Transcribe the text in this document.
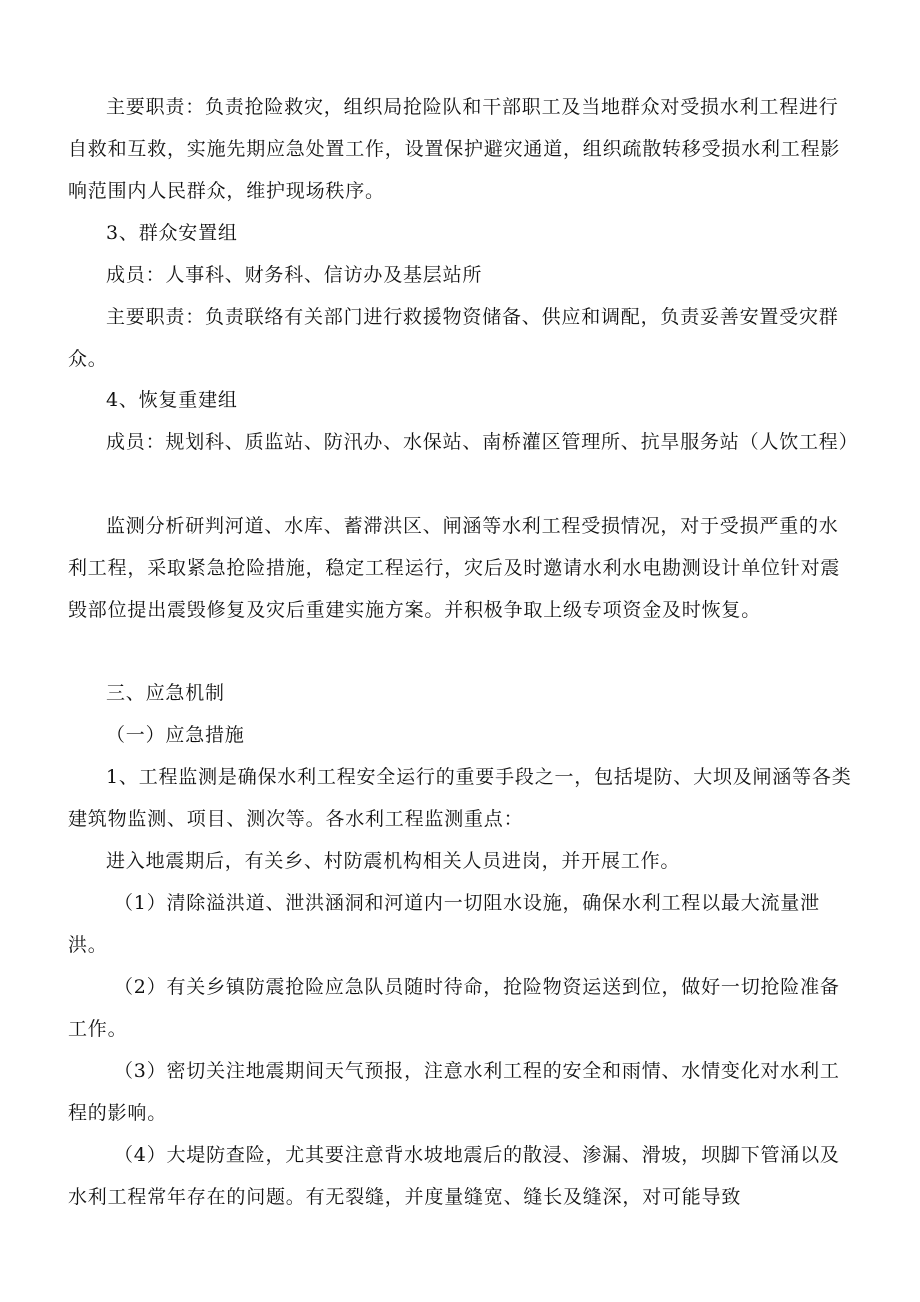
主要职责：负责抢险救灾，组织局抢险队和干部职工及当地群众对受损水利工程进行自救和互救，实施先期应急处置工作，设置保护避灾通道，组织疏散转移受损水利工程影响范围内人民群众，维护现场秩序。

3、群众安置组

成员：人事科、财务科、信访办及基层站所

主要职责：负责联络有关部门进行救援物资储备、供应和调配，负责妥善安置受灾群众。

4、恢复重建组

成员：规划科、质监站、防汛办、水保站、南桥灌区管理所、抗旱服务站（人饮工程）

监测分析研判河道、水库、蓄滞洪区、闸涵等水利工程受损情况，对于受损严重的水利工程，采取紧急抢险措施，稳定工程运行，灾后及时邀请水利水电勘测设计单位针对震毁部位提出震毁修复及灾后重建实施方案。并积极争取上级专项资金及时恢复。

三、应急机制

（一）应急措施

1、工程监测是确保水利工程安全运行的重要手段之一，包括堤防、大坝及闸涵等各类建筑物监测、项目、测次等。各水利工程监测重点：

进入地震期后，有关乡、村防震机构相关人员进岗，并开展工作。

（1）清除溢洪道、泄洪涵洞和河道内一切阻水设施，确保水利工程以最大流量泄洪。

（2）有关乡镇防震抢险应急队员随时待命，抢险物资运送到位，做好一切抢险准备工作。

（3）密切关注地震期间天气预报，注意水利工程的安全和雨情、水情变化对水利工程的影响。

（4）大堤防查险，尤其要注意背水坡地震后的散浸、渗漏、滑坡，坝脚下管涌以及水利工程常年存在的问题。有无裂缝，并度量缝宽、缝长及缝深，对可能导致
